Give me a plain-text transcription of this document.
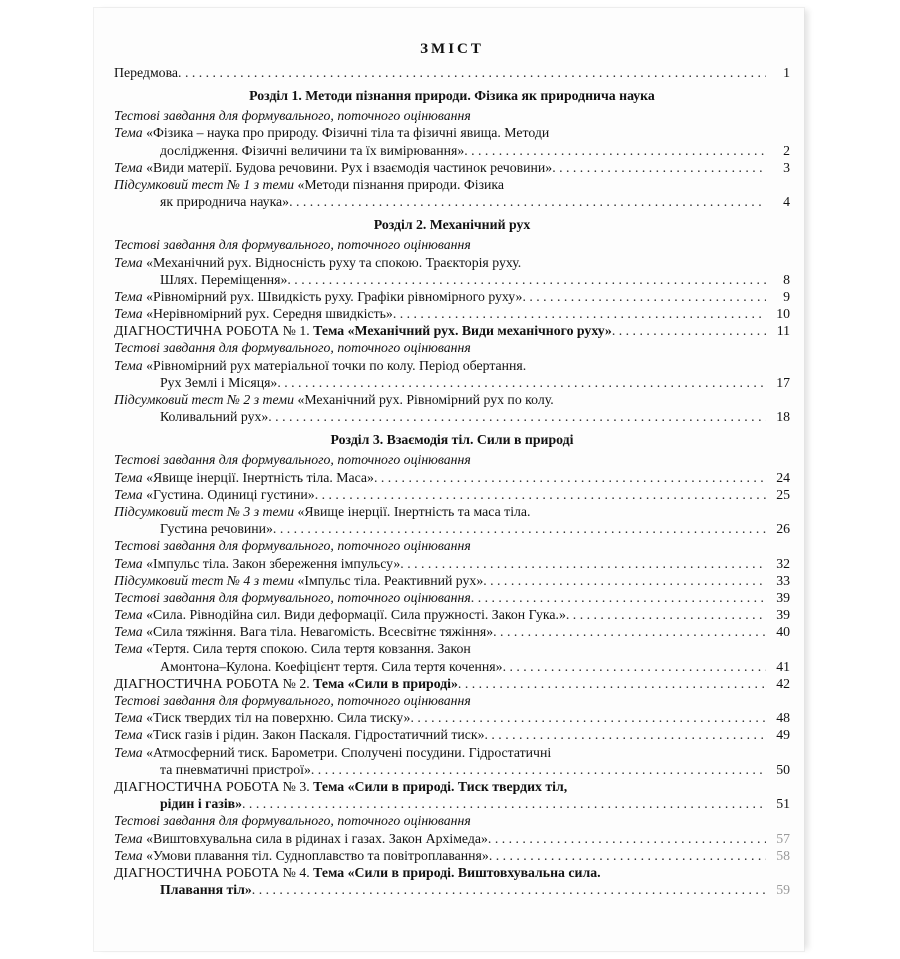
ЗМІСТ
Передмова . . .	1
Розділ 1. Методи пізнання природи. Фізика як природнича наука
Тестові завдання для формувального, поточного оцінювання
Тема «Фізика – наука про природу. Фізичні тіла та фізичні явища. Методи
дослідження. Фізичні величини та їх вимірювання» . . .	2
Тема «Види матерії. Будова речовини. Рух і взаємодія частинок речовини» . . .	3
Підсумковий тест № 1 з теми «Методи пізнання природи. Фізика
як природнича наука» . . .	4
Розділ 2. Механічний рух
Тестові завдання для формувального, поточного оцінювання
Тема «Механічний рух. Відносність руху та спокою. Траєкторія руху.
Шлях. Переміщення» . . .	8
Тема «Рівномірний рух. Швидкість руху. Графіки рівномірного руху» . . .	9
Тема «Нерівномірний рух. Середня швидкість» . . .	10
ДІАГНОСТИЧНА РОБОТА № 1. Тема «Механічний рух. Види механічного руху» . . .	11
Тестові завдання для формувального, поточного оцінювання
Тема «Рівномірний рух матеріальної точки по колу. Період обертання.
Рух Землі і Місяця» . . .	17
Підсумковий тест № 2 з теми «Механічний рух. Рівномірний рух по колу.
Коливальний рух» . . .	18
Розділ 3. Взаємодія тіл. Сили в природі
Тестові завдання для формувального, поточного оцінювання
Тема «Явище інерції. Інертність тіла. Маса» . . .	24
Тема «Густина. Одиниці густини» . . .	25
Підсумковий тест № 3 з теми «Явище інерції. Інертність та маса тіла.
Густина речовини» . . .	26
Тестові завдання для формувального, поточного оцінювання
Тема «Імпульс тіла. Закон збереження імпульсу» . . .	32
Підсумковий тест № 4 з теми «Імпульс тіла. Реактивний рух» . . .	33
Тестові завдання для формувального, поточного оцінювання . . .	39
Тема «Сила. Рівнодійна сил. Види деформації. Сила пружності. Закон Гука.» . . .	39
Тема «Сила тяжіння. Вага тіла. Невагомість. Всесвітнє тяжіння» . . .	40
Тема «Тертя. Сила тертя спокою. Сила тертя ковзання. Закон
Амонтона–Кулона. Коефіцієнт тертя. Сила тертя кочення» . . .	41
ДІАГНОСТИЧНА РОБОТА № 2. Тема «Сили в природі» . . .	42
Тестові завдання для формувального, поточного оцінювання
Тема «Тиск твердих тіл на поверхню. Сила тиску» . . .	48
Тема «Тиск газів і рідин. Закон Паскаля. Гідростатичний тиск» . . .	49
Тема «Атмосферний тиск. Барометри. Сполучені посудини. Гідростатичні
та пневматичні пристрої» . . .	50
ДІАГНОСТИЧНА РОБОТА № 3. Тема «Сили в природі. Тиск твердих тіл,
рідин і газів» . . .	51
Тестові завдання для формувального, поточного оцінювання
Тема «Виштовхувальна сила в рідинах і газах. Закон Архімеда» . . .	57
Тема «Умови плавання тіл. Судноплавство та повітроплавання» . . .	58
ДІАГНОСТИЧНА РОБОТА № 4. Тема «Сили в природі. Виштовхувальна сила.
Плавання тіл» . . .	59
